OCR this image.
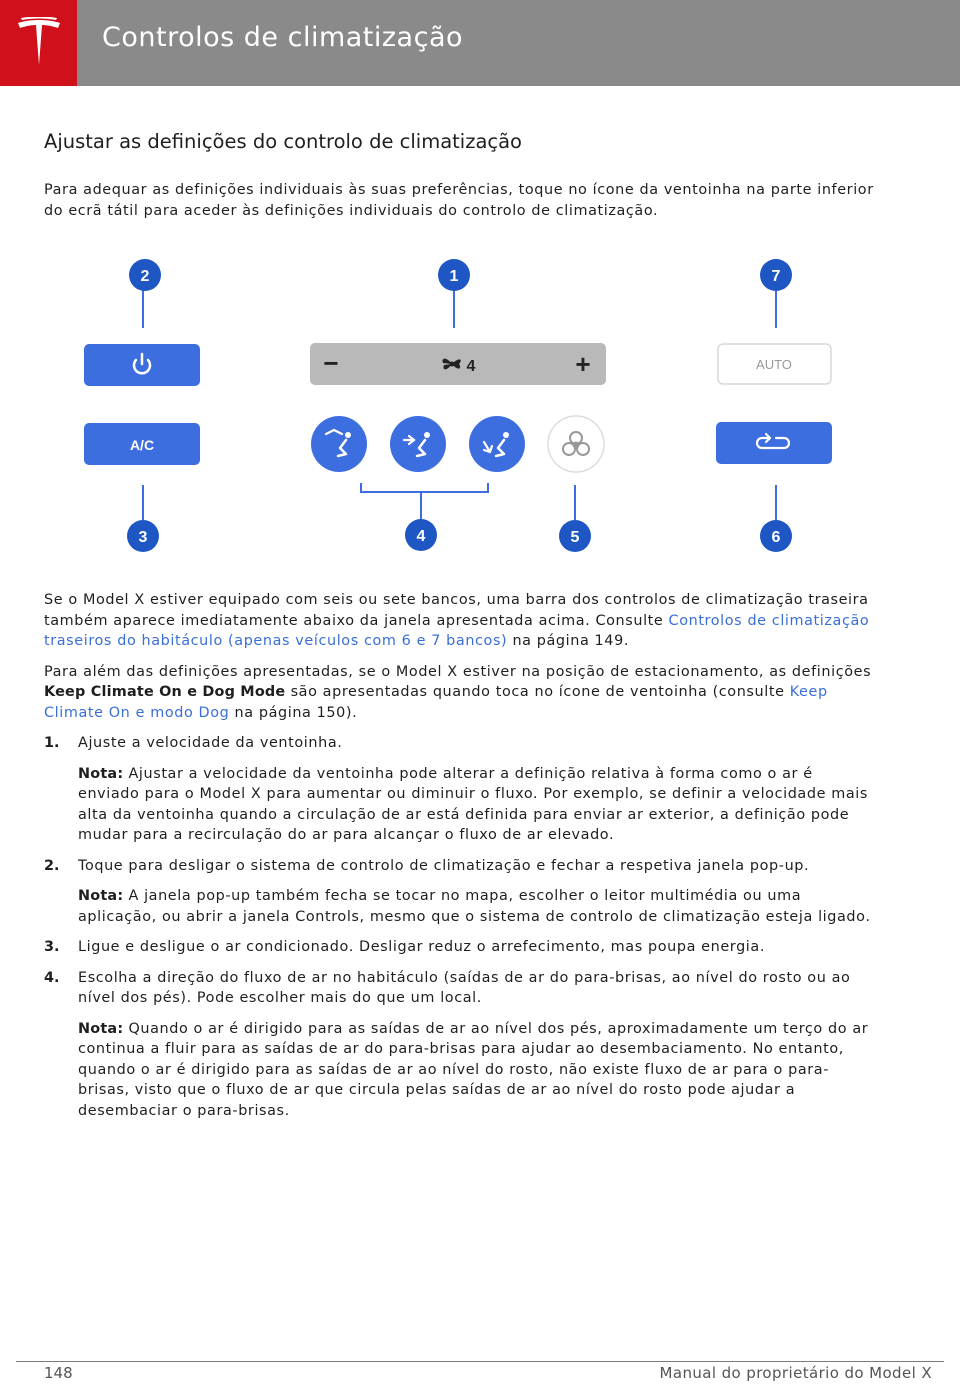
Controlos de climatização
Ajustar as definições do controlo de climatização
Para adequar as definições individuais às suas preferências, toque no ícone da ventoinha na parte inferior do ecrã tátil para aceder às definições individuais do controlo de climatização.
2
A/C
3
1
−	4	+
4	5
7
AUTO
6

Se o Model X estiver equipado com seis ou sete bancos, uma barra dos controlos de climatização traseira também aparece imediatamente abaixo da janela apresentada acima. Consulte Controlos de climatização traseiros do habitáculo (apenas veículos com 6 e 7 bancos) na página 149.

Para além das definições apresentadas, se o Model X estiver na posição de estacionamento, as definições Keep Climate On e Dog Mode são apresentadas quando toca no ícone de ventoinha (consulte Keep Climate On e modo Dog na página 150).

1. Ajuste a velocidade da ventoinha.
Nota: Ajustar a velocidade da ventoinha pode alterar a definição relativa à forma como o ar é enviado para o Model X para aumentar ou diminuir o fluxo. Por exemplo, se definir a velocidade mais alta da ventoinha quando a circulação de ar está definida para enviar ar exterior, a definição pode mudar para a recirculação do ar para alcançar o fluxo de ar elevado.
2. Toque para desligar o sistema de controlo de climatização e fechar a respetiva janela pop-up.
Nota: A janela pop-up também fecha se tocar no mapa, escolher o leitor multimédia ou uma aplicação, ou abrir a janela Controls, mesmo que o sistema de controlo de climatização esteja ligado.
3. Ligue e desligue o ar condicionado. Desligar reduz o arrefecimento, mas poupa energia.
4. Escolha a direção do fluxo de ar no habitáculo (saídas de ar do para-brisas, ao nível do rosto ou ao nível dos pés). Pode escolher mais do que um local.
Nota: Quando o ar é dirigido para as saídas de ar ao nível dos pés, aproximadamente um terço do ar continua a fluir para as saídas de ar do para-brisas para ajudar ao desembaciamento. No entanto, quando o ar é dirigido para as saídas de ar ao nível do rosto, não existe fluxo de ar para o para-brisas, visto que o fluxo de ar que circula pelas saídas de ar ao nível do rosto pode ajudar a desembaciar o para-brisas.
148	Manual do proprietário do Model X
